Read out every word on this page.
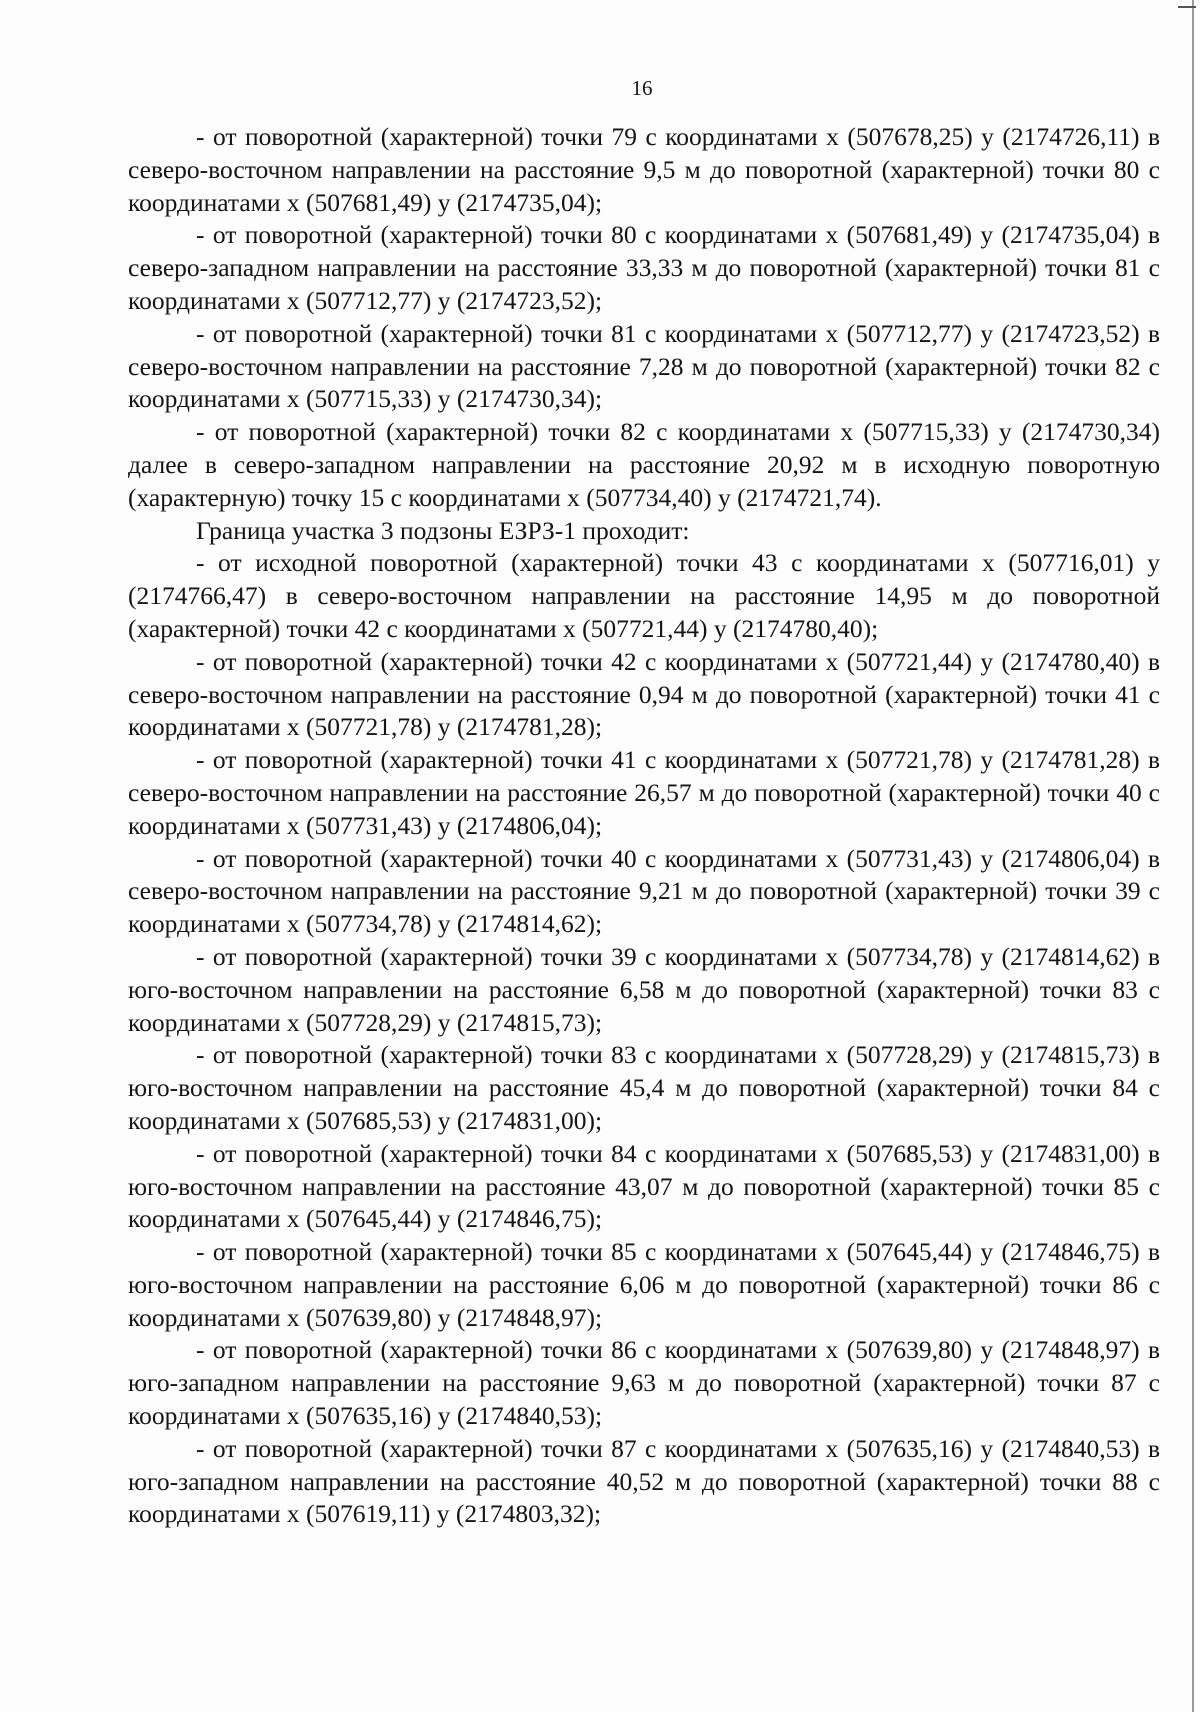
16

- от поворотной (характерной) точки 79 с координатами х (507678,25) у (2174726,11) в северо-восточном направлении на расстояние 9,5 м до поворотной (характерной) точки 80 с координатами х (507681,49) у (2174735,04);

- от поворотной (характерной) точки 80 с координатами х (507681,49) у (2174735,04) в северо-западном направлении на расстояние 33,33 м до поворотной (характерной) точки 81 с координатами х (507712,77) у (2174723,52);

- от поворотной (характерной) точки 81 с координатами х (507712,77) у (2174723,52) в северо-восточном направлении на расстояние 7,28 м до поворотной (характерной) точки 82 с координатами х (507715,33) у (2174730,34);

- от поворотной (характерной) точки 82 с координатами х (507715,33) у (2174730,34) далее в северо-западном направлении на расстояние 20,92 м в исходную поворотную (характерную) точку 15 с координатами х (507734,40) у (2174721,74).

Граница участка 3 подзоны ЕЗРЗ-1 проходит:

- от исходной поворотной (характерной) точки 43 с координатами х (507716,01) у (2174766,47) в северо-восточном направлении на расстояние 14,95 м до поворотной (характерной) точки 42 с координатами х (507721,44) у (2174780,40);

- от поворотной (характерной) точки 42 с координатами х (507721,44) у (2174780,40) в северо-восточном направлении на расстояние 0,94 м до поворотной (характерной) точки 41 с координатами х (507721,78) у (2174781,28);

- от поворотной (характерной) точки 41 с координатами х (507721,78) у (2174781,28) в северо-восточном направлении на расстояние 26,57 м до поворотной (характерной) точки 40 с координатами х (507731,43) у (2174806,04);

- от поворотной (характерной) точки 40 с координатами х (507731,43) у (2174806,04) в северо-восточном направлении на расстояние 9,21 м до поворотной (характерной) точки 39 с координатами х (507734,78) у (2174814,62);

- от поворотной (характерной) точки 39 с координатами х (507734,78) у (2174814,62) в юго-восточном направлении на расстояние 6,58 м до поворотной (характерной) точки 83 с координатами х (507728,29) у (2174815,73);

- от поворотной (характерной) точки 83 с координатами х (507728,29) у (2174815,73) в юго-восточном направлении на расстояние 45,4 м до поворотной (характерной) точки 84 с координатами х (507685,53) у (2174831,00);

- от поворотной (характерной) точки 84 с координатами х (507685,53) у (2174831,00) в юго-восточном направлении на расстояние 43,07 м до поворотной (характерной) точки 85 с координатами х (507645,44) у (2174846,75);

- от поворотной (характерной) точки 85 с координатами х (507645,44) у (2174846,75) в юго-восточном направлении на расстояние 6,06 м до поворотной (характерной) точки 86 с координатами х (507639,80) у (2174848,97);

- от поворотной (характерной) точки 86 с координатами х (507639,80) у (2174848,97) в юго-западном направлении на расстояние 9,63 м до поворотной (характерной) точки 87 с координатами х (507635,16) у (2174840,53);

- от поворотной (характерной) точки 87 с координатами х (507635,16) у (2174840,53) в юго-западном направлении на расстояние 40,52 м до поворотной (характерной) точки 88 с координатами х (507619,11) у (2174803,32);
